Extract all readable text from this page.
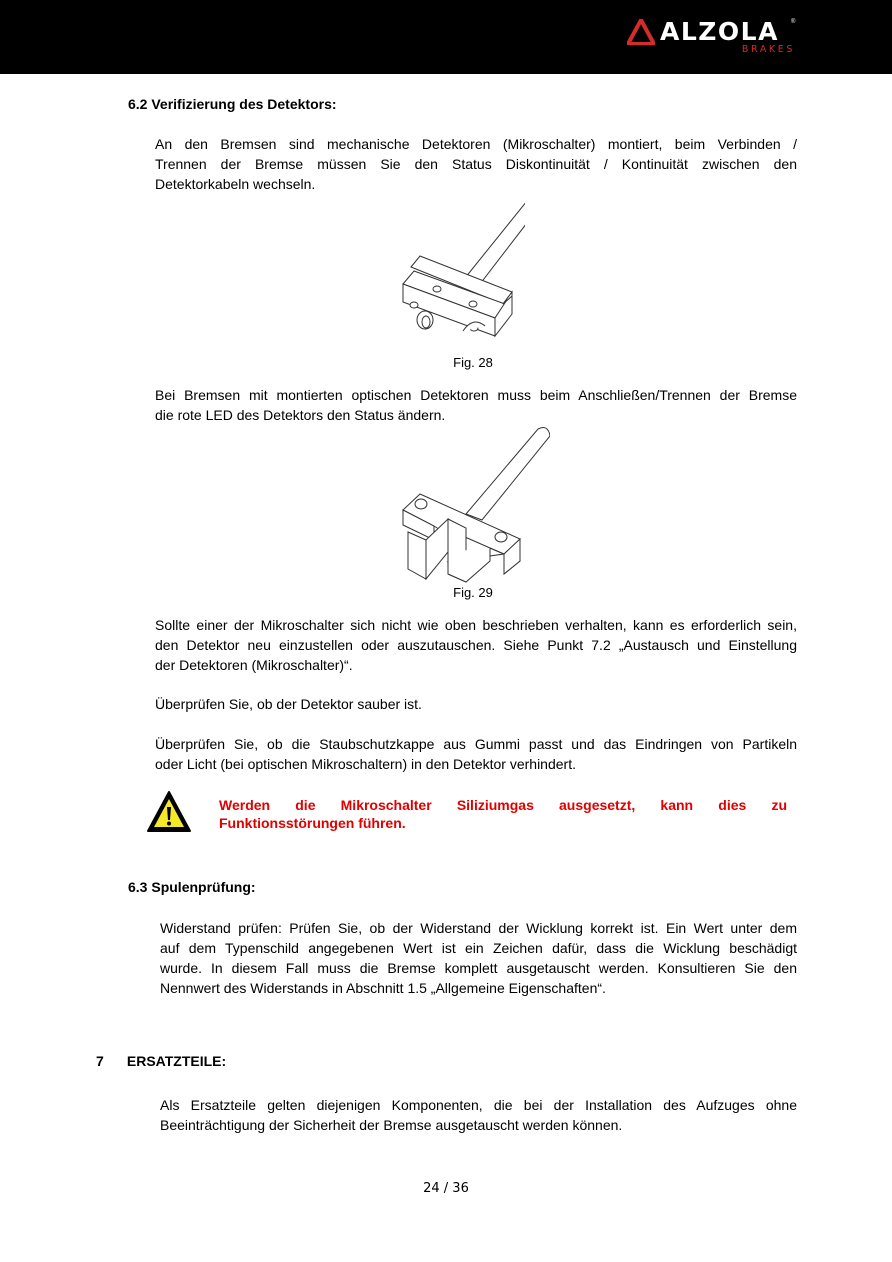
ALZOLA ®
BRAKES
6.2 Verifizierung des Detektors:
An den Bremsen sind mechanische Detektoren (Mikroschalter) montiert, beim Verbinden /
Trennen der Bremse müssen Sie den Status Diskontinuität / Kontinuität zwischen den
Detektorkabeln wechseln.
Fig. 28
Bei Bremsen mit montierten optischen Detektoren muss beim Anschließen/Trennen der Bremse
die rote LED des Detektors den Status ändern.
Fig. 29
Sollte einer der Mikroschalter sich nicht wie oben beschrieben verhalten, kann es erforderlich sein,
den Detektor neu einzustellen oder auszutauschen. Siehe Punkt 7.2 „Austausch und Einstellung
der Detektoren (Mikroschalter)“.
Überprüfen Sie, ob der Detektor sauber ist.
Überprüfen Sie, ob die Staubschutzkappe aus Gummi passt und das Eindringen von Partikeln
oder Licht (bei optischen Mikroschaltern) in den Detektor verhindert.
Werden die Mikroschalter Siliziumgas ausgesetzt, kann dies zu
Funktionsstörungen führen.
6.3 Spulenprüfung:
Widerstand prüfen: Prüfen Sie, ob der Widerstand der Wicklung korrekt ist. Ein Wert unter dem
auf dem Typenschild angegebenen Wert ist ein Zeichen dafür, dass die Wicklung beschädigt
wurde. In diesem Fall muss die Bremse komplett ausgetauscht werden. Konsultieren Sie den
Nennwert des Widerstands in Abschnitt 1.5 „Allgemeine Eigenschaften“.
7 ERSATZTEILE:
Als Ersatzteile gelten diejenigen Komponenten, die bei der Installation des Aufzuges ohne
Beeinträchtigung der Sicherheit der Bremse ausgetauscht werden können.
24 / 36
